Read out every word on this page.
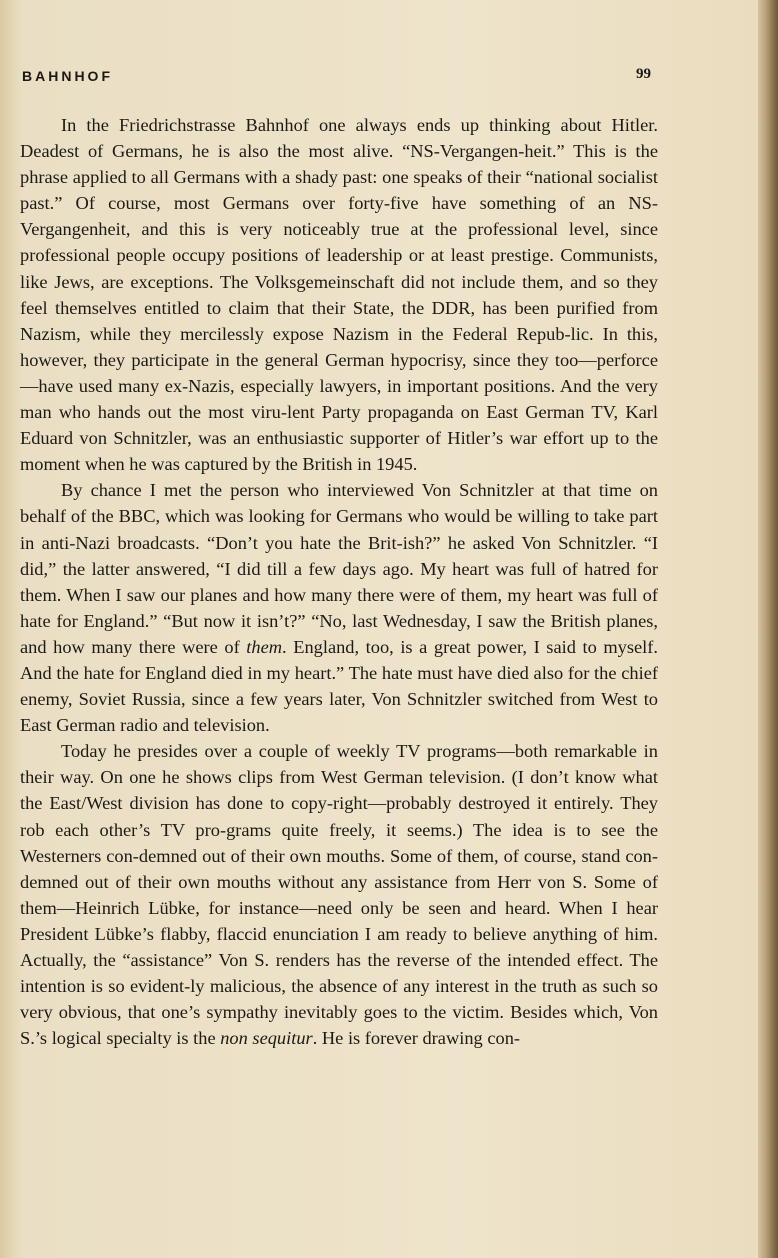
BAHNHOF	99

In the Friedrichstrasse Bahnhof one always ends up thinking about Hitler. Deadest of Germans, he is also the most alive. “NS-Vergangen-heit.” This is the phrase applied to all Germans with a shady past: one speaks of their “national socialist past.” Of course, most Germans over forty-five have something of an NS-Vergangenheit, and this is very noticeably true at the professional level, since professional people occupy positions of leadership or at least prestige. Communists, like Jews, are exceptions. The Volksgemeinschaft did not include them, and so they feel themselves entitled to claim that their State, the DDR, has been purified from Nazism, while they mercilessly expose Nazism in the Federal Repub-lic. In this, however, they participate in the general German hypocrisy, since they too—perforce—have used many ex-Nazis, especially lawyers, in important positions. And the very man who hands out the most viru-lent Party propaganda on East German TV, Karl Eduard von Schnitzler, was an enthusiastic supporter of Hitler’s war effort up to the moment when he was captured by the British in 1945.

By chance I met the person who interviewed Von Schnitzler at that time on behalf of the BBC, which was looking for Germans who would be willing to take part in anti-Nazi broadcasts. “Don’t you hate the Brit-ish?” he asked Von Schnitzler. “I did,” the latter answered, “I did till a few days ago. My heart was full of hatred for them. When I saw our planes and how many there were of them, my heart was full of hate for England.” “But now it isn’t?” “No, last Wednesday, I saw the British planes, and how many there were of them. England, too, is a great power, I said to myself. And the hate for England died in my heart.” The hate must have died also for the chief enemy, Soviet Russia, since a few years later, Von Schnitzler switched from West to East German radio and television.

Today he presides over a couple of weekly TV programs—both remarkable in their way. On one he shows clips from West German television. (I don’t know what the East/West division has done to copy-right—probably destroyed it entirely. They rob each other’s TV pro-grams quite freely, it seems.) The idea is to see the Westerners con-demned out of their own mouths. Some of them, of course, stand con-demned out of their own mouths without any assistance from Herr von S. Some of them—Heinrich Lübke, for instance—need only be seen and heard. When I hear President Lübke’s flabby, flaccid enunciation I am ready to believe anything of him. Actually, the “assistance” Von S. renders has the reverse of the intended effect. The intention is so evident-ly malicious, the absence of any interest in the truth as such so very obvious, that one’s sympathy inevitably goes to the victim. Besides which, Von S.’s logical specialty is the non sequitur. He is forever drawing con-
